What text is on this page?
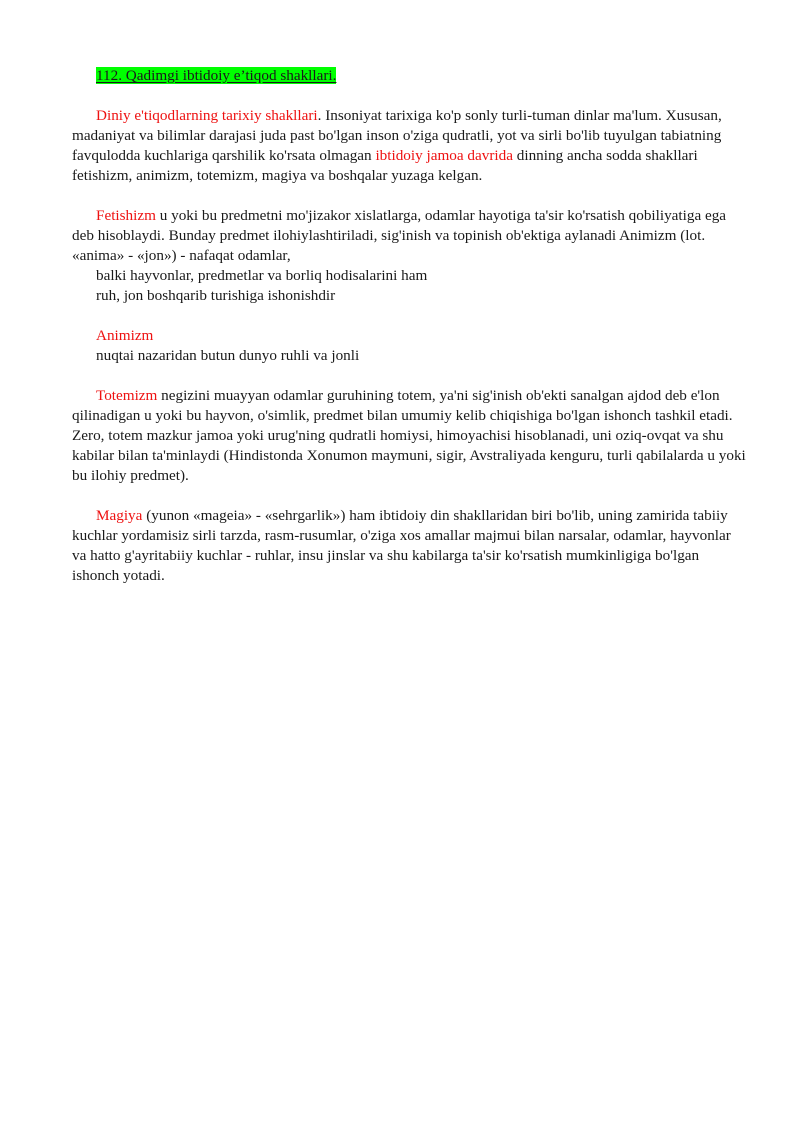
112. Qadimgi ibtidoiy e’tiqod shakllari.

Diniy e'tiqodlarning tarixiy shakllari. Insoniyat tarixiga ko'p sonly turli-tuman dinlar ma'lum. Xususan, madaniyat va bilimlar darajasi juda past bo'lgan inson o'ziga qudratli, yot va sirli bo'lib tuyulgan tabiatning favqulodda kuchlariga qarshilik ko'rsata olmagan ibtidoiy jamoa davrida dinning ancha sodda shakllari fetishizm, animizm, totemizm, magiya va boshqalar yuzaga kelgan.

Fetishizm u yoki bu predmetni mo'jizakor xislatlarga, odamlar hayotiga ta'sir ko'rsatish qobiliyatiga ega deb hisoblaydi. Bunday predmet ilohiylashtiriladi, sig'inish va topinish ob'ektiga aylanadi Animizm (lot. «anima» - «jon») - nafaqat odamlar,

balki hayvonlar, predmetlar va borliq hodisalarini ham
ruh, jon boshqarib turishiga ishonishdir
Animizm
nuqtai nazaridan butun dunyo ruhli va jonli

Totemizm negizini muayyan odamlar guruhining totem, ya'ni sig'inish ob'ekti sanalgan ajdod deb e'lon qilinadigan u yoki bu hayvon, o'simlik, predmet bilan umumiy kelib chiqishiga bo'lgan ishonch tashkil etadi. Zero, totem mazkur jamoa yoki urug'ning qudratli homiysi, himoyachisi hisoblanadi, uni oziq-ovqat va shu kabilar bilan ta'minlaydi (Hindistonda Xonumon maymuni, sigir, Avstraliyada kenguru, turli qabilalarda u yoki bu ilohiy predmet).

Magiya (yunon «mageia» - «sehrgarlik») ham ibtidoiy din shakllaridan biri bo'lib, uning zamirida tabiiy kuchlar yordamisiz sirli tarzda, rasm-rusumlar, o'ziga xos amallar majmui bilan narsalar, odamlar, hayvonlar va hatto g'ayritabiiy kuchlar - ruhlar, insu jinslar va shu kabilarga ta'sir ko'rsatish mumkinligiga bo'lgan ishonch yotadi.
